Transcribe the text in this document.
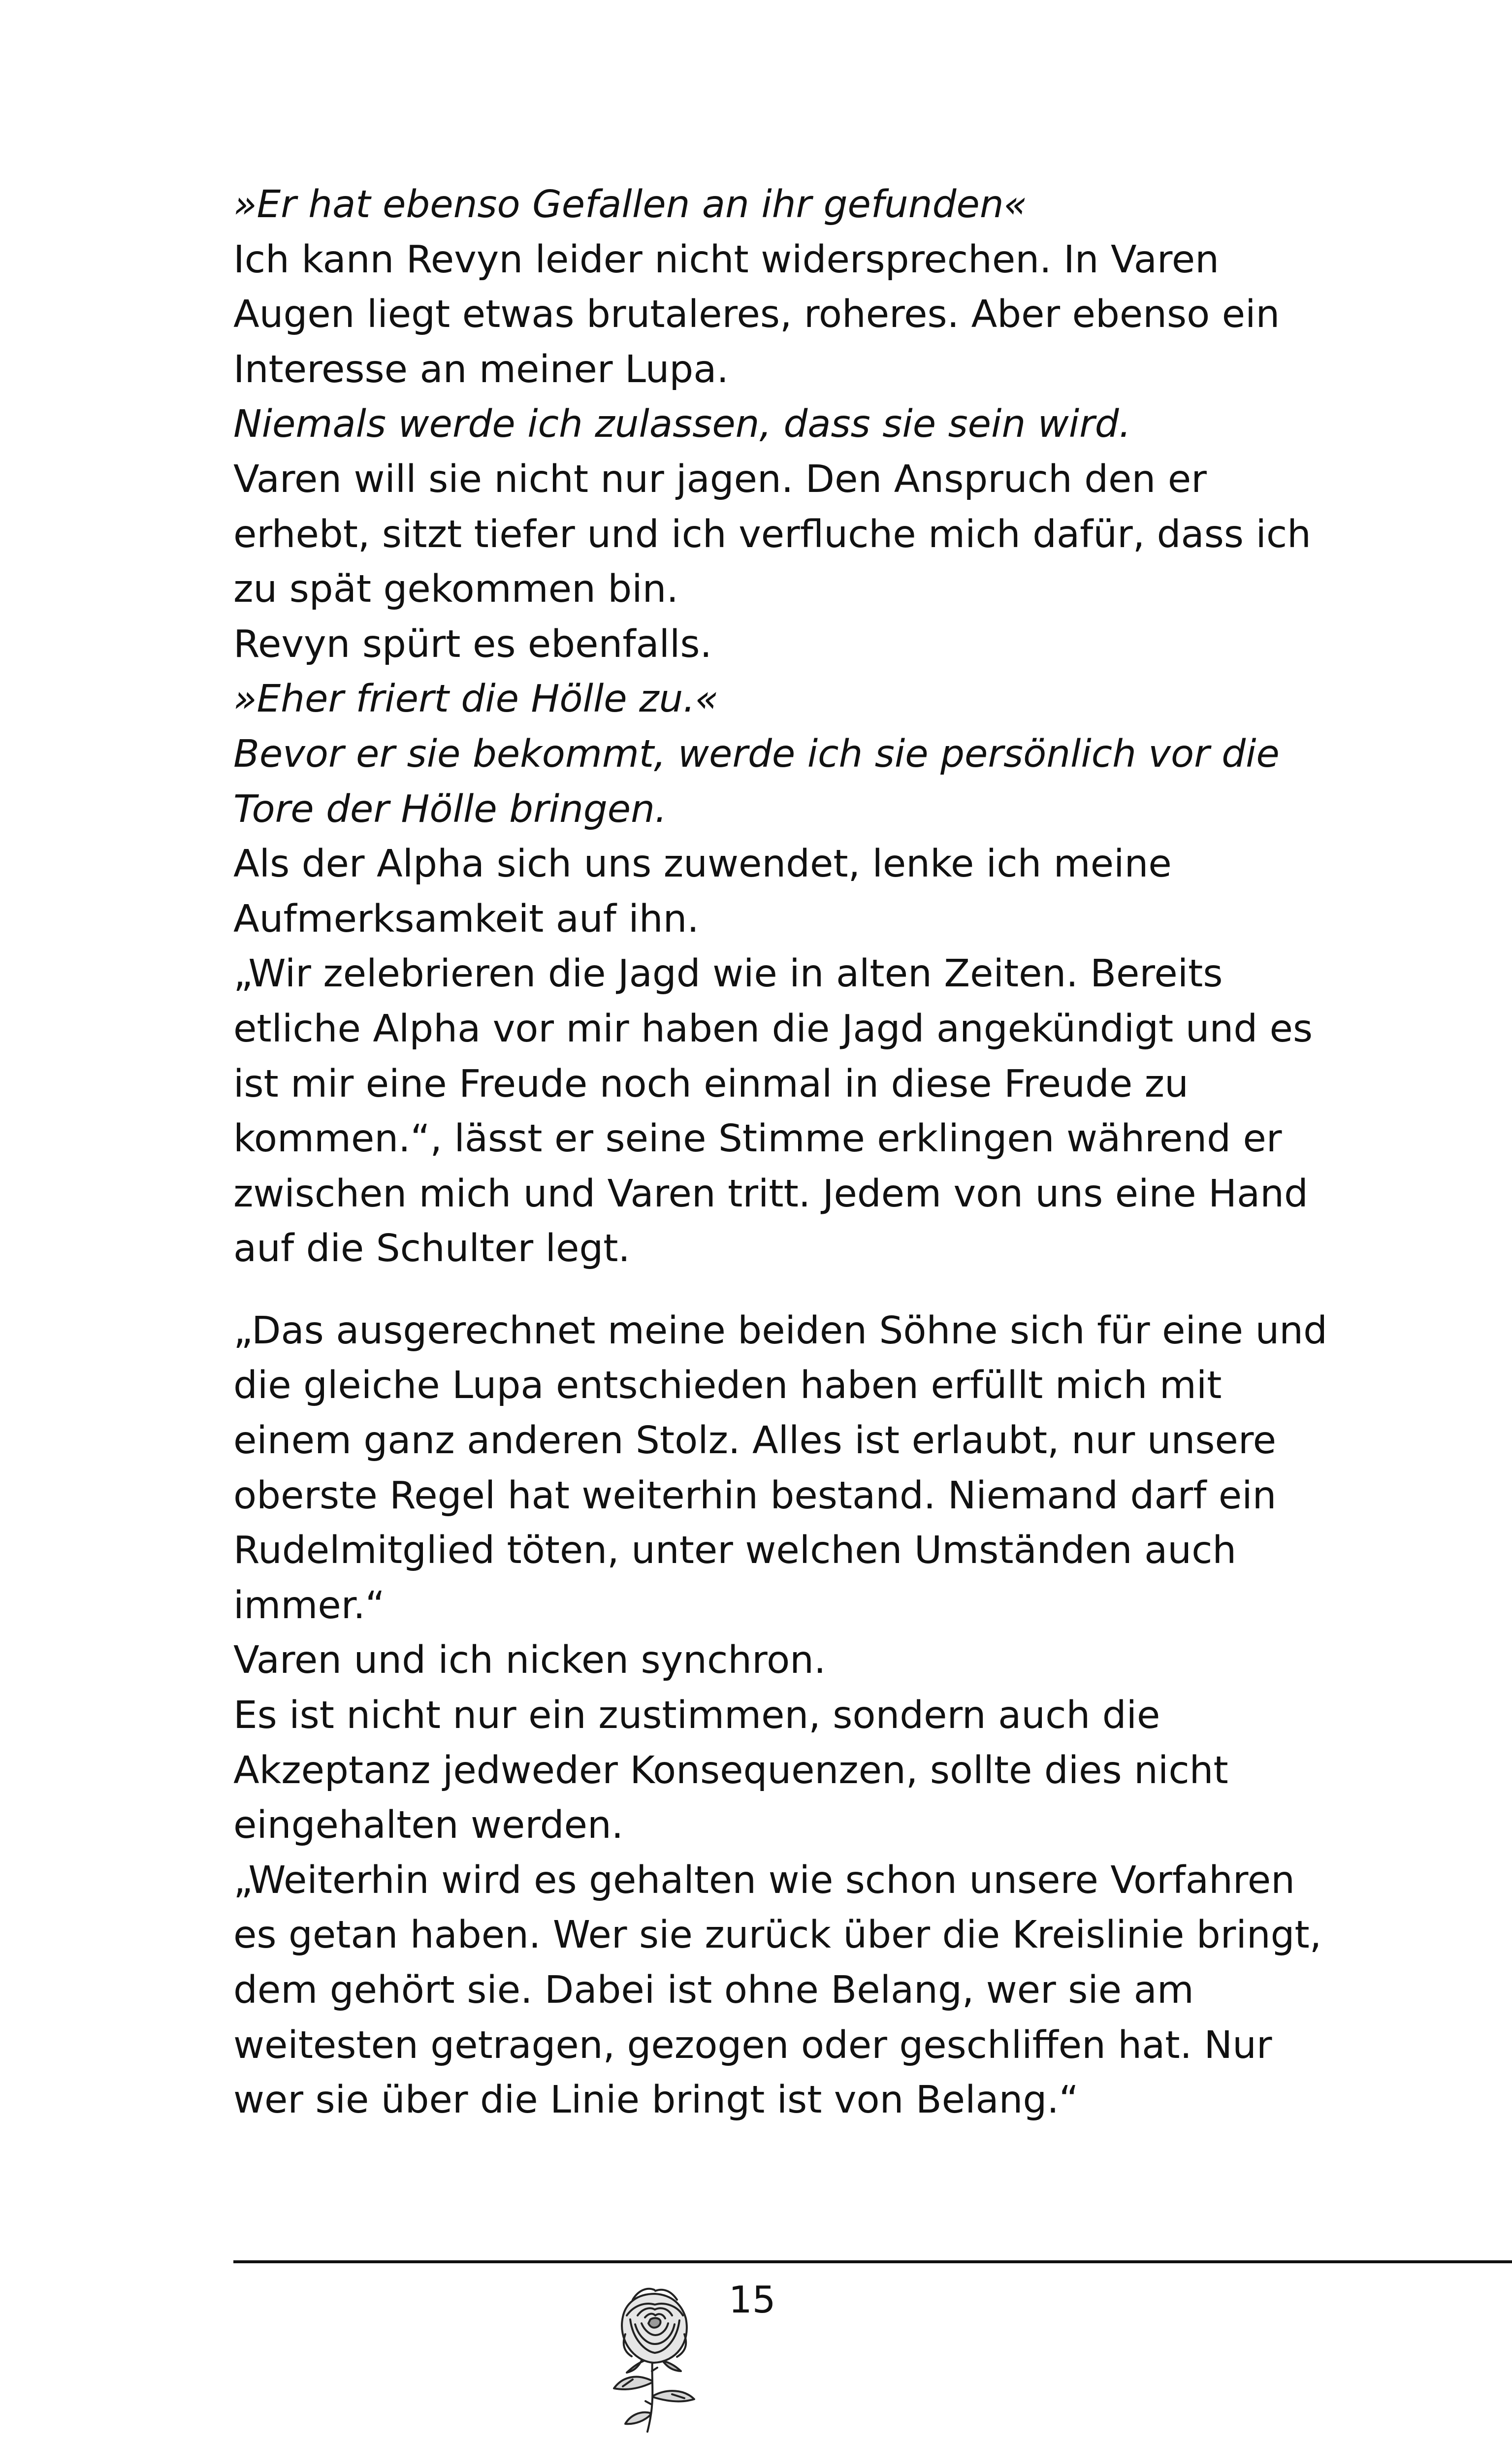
»Er hat ebenso Gefallen an ihr gefunden«
Ich kann Revyn leider nicht widersprechen. In Varen
Augen liegt etwas brutaleres, roheres. Aber ebenso ein
Interesse an meiner Lupa.
Niemals werde ich zulassen, dass sie sein wird.
Varen will sie nicht nur jagen. Den Anspruch den er
erhebt, sitzt tiefer und ich verfluche mich dafür, dass ich
zu spät gekommen bin.
Revyn spürt es ebenfalls.
»Eher friert die Hölle zu.«
Bevor er sie bekommt, werde ich sie persönlich vor die
Tore der Hölle bringen.
Als der Alpha sich uns zuwendet, lenke ich meine
Aufmerksamkeit auf ihn.
„Wir zelebrieren die Jagd wie in alten Zeiten. Bereits
etliche Alpha vor mir haben die Jagd angekündigt und es
ist mir eine Freude noch einmal in diese Freude zu
kommen.“, lässt er seine Stimme erklingen während er
zwischen mich und Varen tritt. Jedem von uns eine Hand
auf die Schulter legt.
„Das ausgerechnet meine beiden Söhne sich für eine und
die gleiche Lupa entschieden haben erfüllt mich mit
einem ganz anderen Stolz. Alles ist erlaubt, nur unsere
oberste Regel hat weiterhin bestand. Niemand darf ein
Rudelmitglied töten, unter welchen Umständen auch
immer.“
Varen und ich nicken synchron.
Es ist nicht nur ein zustimmen, sondern auch die
Akzeptanz jedweder Konsequenzen, sollte dies nicht
eingehalten werden.
„Weiterhin wird es gehalten wie schon unsere Vorfahren
es getan haben. Wer sie zurück über die Kreislinie bringt,
dem gehört sie. Dabei ist ohne Belang, wer sie am
weitesten getragen, gezogen oder geschliffen hat. Nur
wer sie über die Linie bringt ist von Belang.“
15
